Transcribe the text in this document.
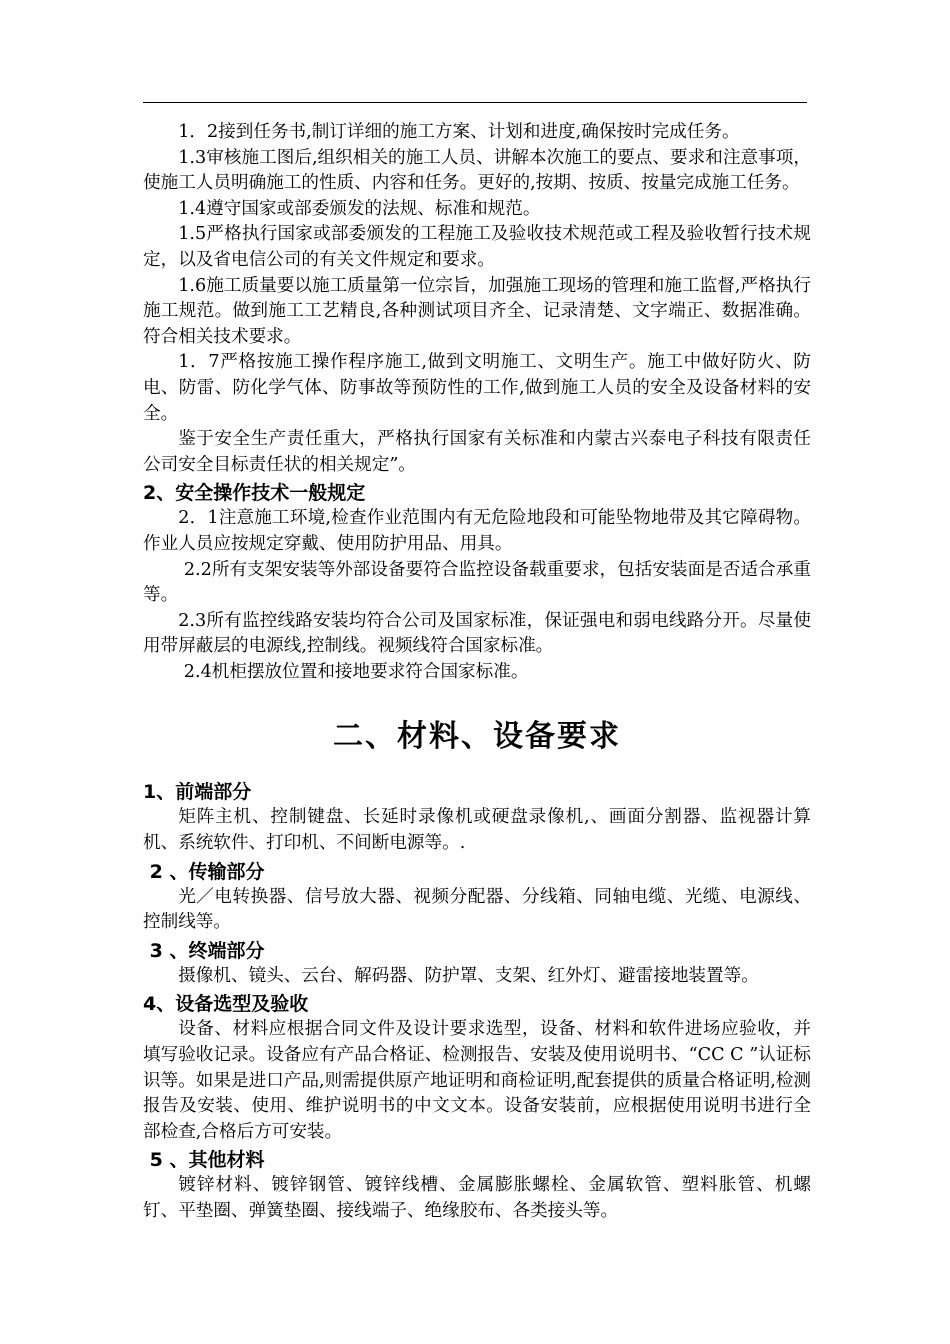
1．2接到任务书,制订详细的施工方案、计划和进度,确保按时完成任务。

1.3审核施工图后,组织相关的施工人员、讲解本次施工的要点、要求和注意事项，使施工人员明确施工的性质、内容和任务。更好的,按期、按质、按量完成施工任务。

1.4遵守国家或部委颁发的法规、标准和规范。

1.5严格执行国家或部委颁发的工程施工及验收技术规范或工程及验收暂行技术规定，以及省电信公司的有关文件规定和要求。

1.6施工质量要以施工质量第一位宗旨，加强施工现场的管理和施工监督,严格执行施工规范。做到施工工艺精良,各种测试项目齐全、记录清楚、文字端正、数据准确。符合相关技术要求。

1．7严格按施工操作程序施工,做到文明施工、文明生产。施工中做好防火、防电、防雷、防化学气体、防事故等预防性的工作,做到施工人员的安全及设备材料的安全。

鉴于安全生产责任重大，严格执行国家有关标准和内蒙古兴泰电子科技有限责任公司安全目标责任状的相关规定”。

2、安全操作技术一般规定

2．1注意施工环境,检查作业范围内有无危险地段和可能坠物地带及其它障碍物。作业人员应按规定穿戴、使用防护用品、用具。

2.2所有支架安装等外部设备要符合监控设备载重要求，包括安装面是否适合承重等。

2.3所有监控线路安装均符合公司及国家标准，保证强电和弱电线路分开。尽量使用带屏蔽层的电源线,控制线。视频线符合国家标准。

2.4机柜摆放位置和接地要求符合国家标准。

二、材料、设备要求
1、前端部分

矩阵主机、控制键盘、长延时录像机或硬盘录像机,、画面分割器、监视器计算机、系统软件、打印机、不间断电源等。.

2 、传输部分

光／电转换器、信号放大器、视频分配器、分线箱、同轴电缆、光缆、电源线、控制线等。

3 、终端部分

摄像机、镜头、云台、解码器、防护罩、支架、红外灯、避雷接地装置等。

4、设备选型及验收

设备、材料应根据合同文件及设计要求选型，设备、材料和软件进场应验收，并填写验收记录。设备应有产品合格证、检测报告、安装及使用说明书、“CC C ”认证标识等。如果是进口产品,则需提供原产地证明和商检证明,配套提供的质量合格证明,检测报告及安装、使用、维护说明书的中文文本。设备安装前，应根据使用说明书进行全部检查,合格后方可安装。

5 、其他材料

镀锌材料、镀锌钢管、镀锌线槽、金属膨胀螺栓、金属软管、塑料胀管、机螺钉、平垫圈、弹簧垫圈、接线端子、绝缘胶布、各类接头等。
